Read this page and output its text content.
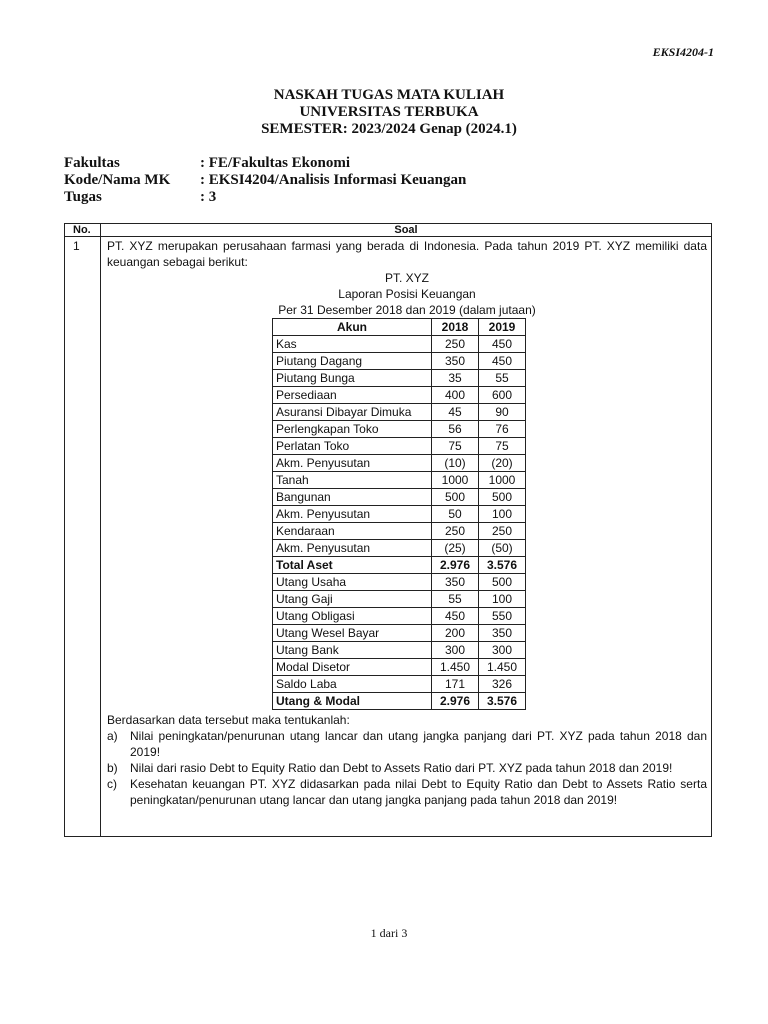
EKSI4204-1
NASKAH TUGAS MATA KULIAH
UNIVERSITAS TERBUKA
SEMESTER: 2023/2024 Genap (2024.1)
Fakultas	: FE/Fakultas Ekonomi
Kode/Nama MK	: EKSI4204/Analisis Informasi Keuangan
Tugas	: 3
No.	Soal
1 PT. XYZ merupakan perusahaan farmasi yang berada di Indonesia. Pada tahun 2019 PT. XYZ memiliki data keuangan sebagai berikut:

PT. XYZ
Laporan Posisi Keuangan
Per 31 Desember 2018 dan 2019 (dalam jutaan)
Akun	2018	2019
Kas	250	450
Piutang Dagang	350	450
Piutang Bunga	35	55
Persediaan	400	600
Asuransi Dibayar Dimuka	45	90
Perlengkapan Toko	56	76
Perlatan Toko	75	75
Akm. Penyusutan	(10)	(20)
Tanah	1000	1000
Bangunan	500	500
Akm. Penyusutan	50	100
Kendaraan	250	250
Akm. Penyusutan	(25)	(50)
Total Aset	2.976	3.576
Utang Usaha	350	500
Utang Gaji	55	100
Utang Obligasi	450	550
Utang Wesel Bayar	200	350
Utang Bank	300	300
Modal Disetor	1.450	1.450
Saldo Laba	171	326
Utang & Modal	2.976	3.576

Berdasarkan data tersebut maka tentukanlah:

a)	Nilai peningkatan/penurunan utang lancar dan utang jangka panjang dari PT. XYZ pada tahun 2018 dan 2019!
b)	Nilai dari rasio Debt to Equity Ratio dan Debt to Assets Ratio dari PT. XYZ pada tahun 2018 dan 2019!
c)	Kesehatan keuangan PT. XYZ didasarkan pada nilai Debt to Equity Ratio dan Debt to Assets Ratio serta peningkatan/penurunan utang lancar dan utang jangka panjang pada tahun 2018 dan 2019!
1 dari 3
